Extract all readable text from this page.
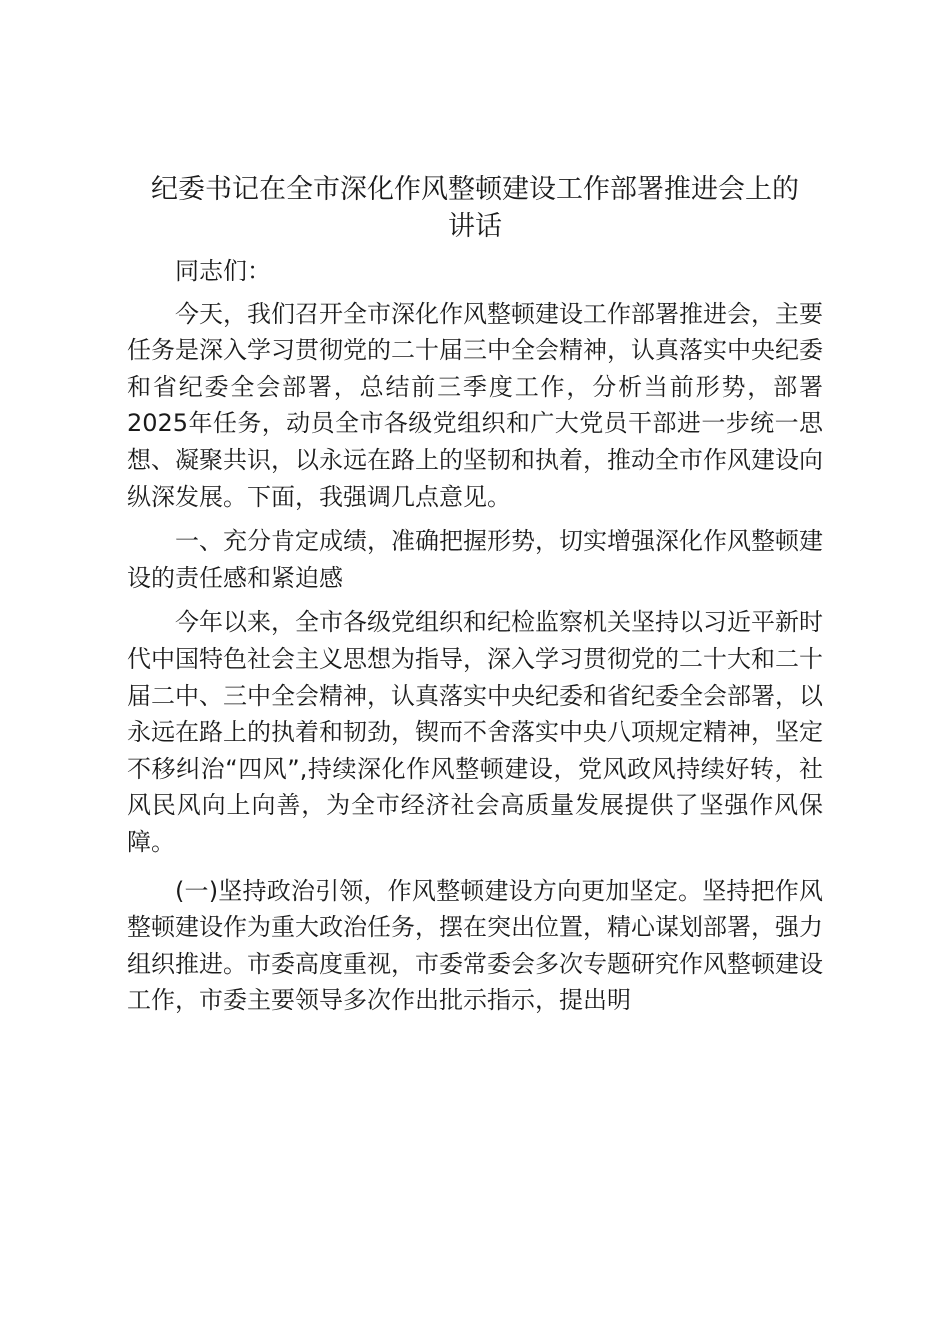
纪委书记在全市深化作风整顿建设工作部署推进会上的
讲话

同志们：

今天，我们召开全市深化作风整顿建设工作部署推进会，主要任务是深入学习贯彻党的二十届三中全会精神，认真落实中央纪委和省纪委全会部署，总结前三季度工作，分析当前形势，部署2025年任务，动员全市各级党组织和广大党员干部进一步统一思想、凝聚共识，以永远在路上的坚韧和执着，推动全市作风建设向纵深发展。下面，我强调几点意见。

一、充分肯定成绩，准确把握形势，切实增强深化作风整顿建设的责任感和紧迫感

今年以来，全市各级党组织和纪检监察机关坚持以习近平新时代中国特色社会主义思想为指导，深入学习贯彻党的二十大和二十届二中、三中全会精神，认真落实中央纪委和省纪委全会部署，以永远在路上的执着和韧劲，锲而不舍落实中央八项规定精神，坚定不移纠治“四风”,持续深化作风整顿建设，党风政风持续好转，社风民风向上向善，为全市经济社会高质量发展提供了坚强作风保障。

(一)坚持政治引领，作风整顿建设方向更加坚定。坚持把作风整顿建设作为重大政治任务，摆在突出位置，精心谋划部署，强力组织推进。市委高度重视，市委常委会多次专题研究作风整顿建设工作，市委主要领导多次作出批示指示，提出明
